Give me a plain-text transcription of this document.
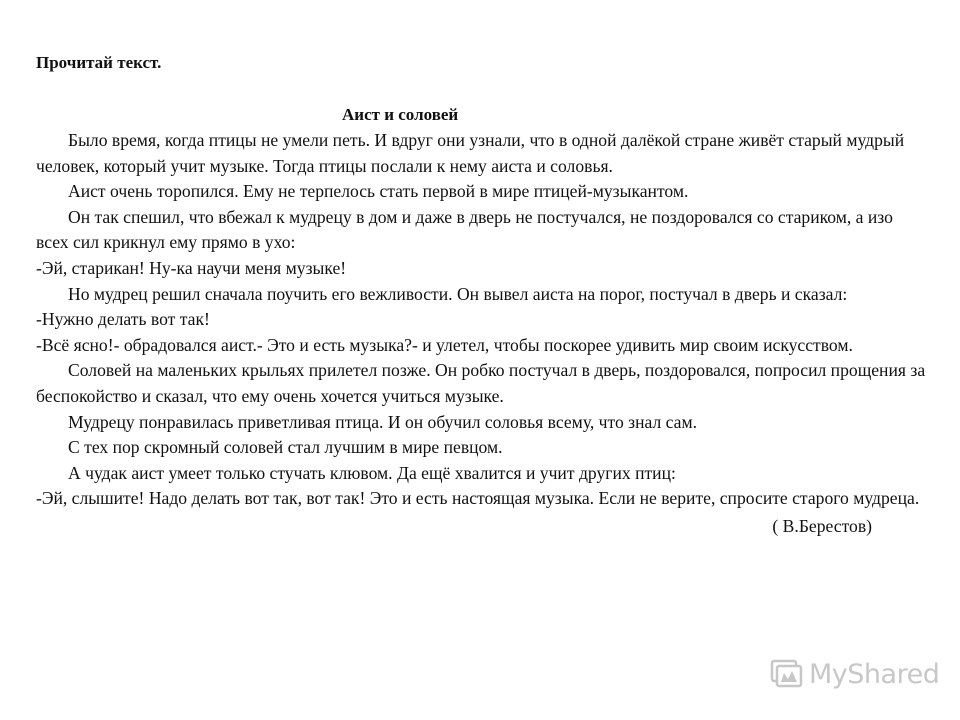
Прочитай текст.

Аист и соловей

Было время, когда птицы не умели петь. И вдруг они узнали, что в одной далёкой стране живёт старый мудрый человек, который учит музыке. Тогда птицы послали к нему аиста и соловья.

Аист очень торопился. Ему не терпелось стать первой в мире птицей-музыкантом.

Он так спешил, что вбежал к мудрецу в дом и даже в дверь не постучался, не поздоровался со стариком, а изо всех сил крикнул ему прямо в ухо:

-Эй, старикан! Ну-ка научи меня музыке!

Но мудрец решил сначала поучить его вежливости. Он вывел аиста на порог, постучал в дверь и сказал:

-Нужно делать вот так!

-Всё ясно!- обрадовался аист.- Это и есть музыка?- и улетел, чтобы поскорее удивить мир своим искусством.

Соловей на маленьких крыльях прилетел позже. Он робко постучал в дверь, поздоровался, попросил прощения за беспокойство и сказал, что ему очень хочется учиться музыке.

Мудрецу понравилась приветливая птица. И он обучил соловья всему, что знал сам.

С тех пор скромный соловей стал лучшим в мире певцом.

А чудак аист умеет только стучать клювом. Да ещё хвалится и учит других птиц:

-Эй, слышите! Надо делать вот так, вот так! Это и есть настоящая музыка. Если не верите, спросите старого мудреца.

( В.Берестов)

MyShared
